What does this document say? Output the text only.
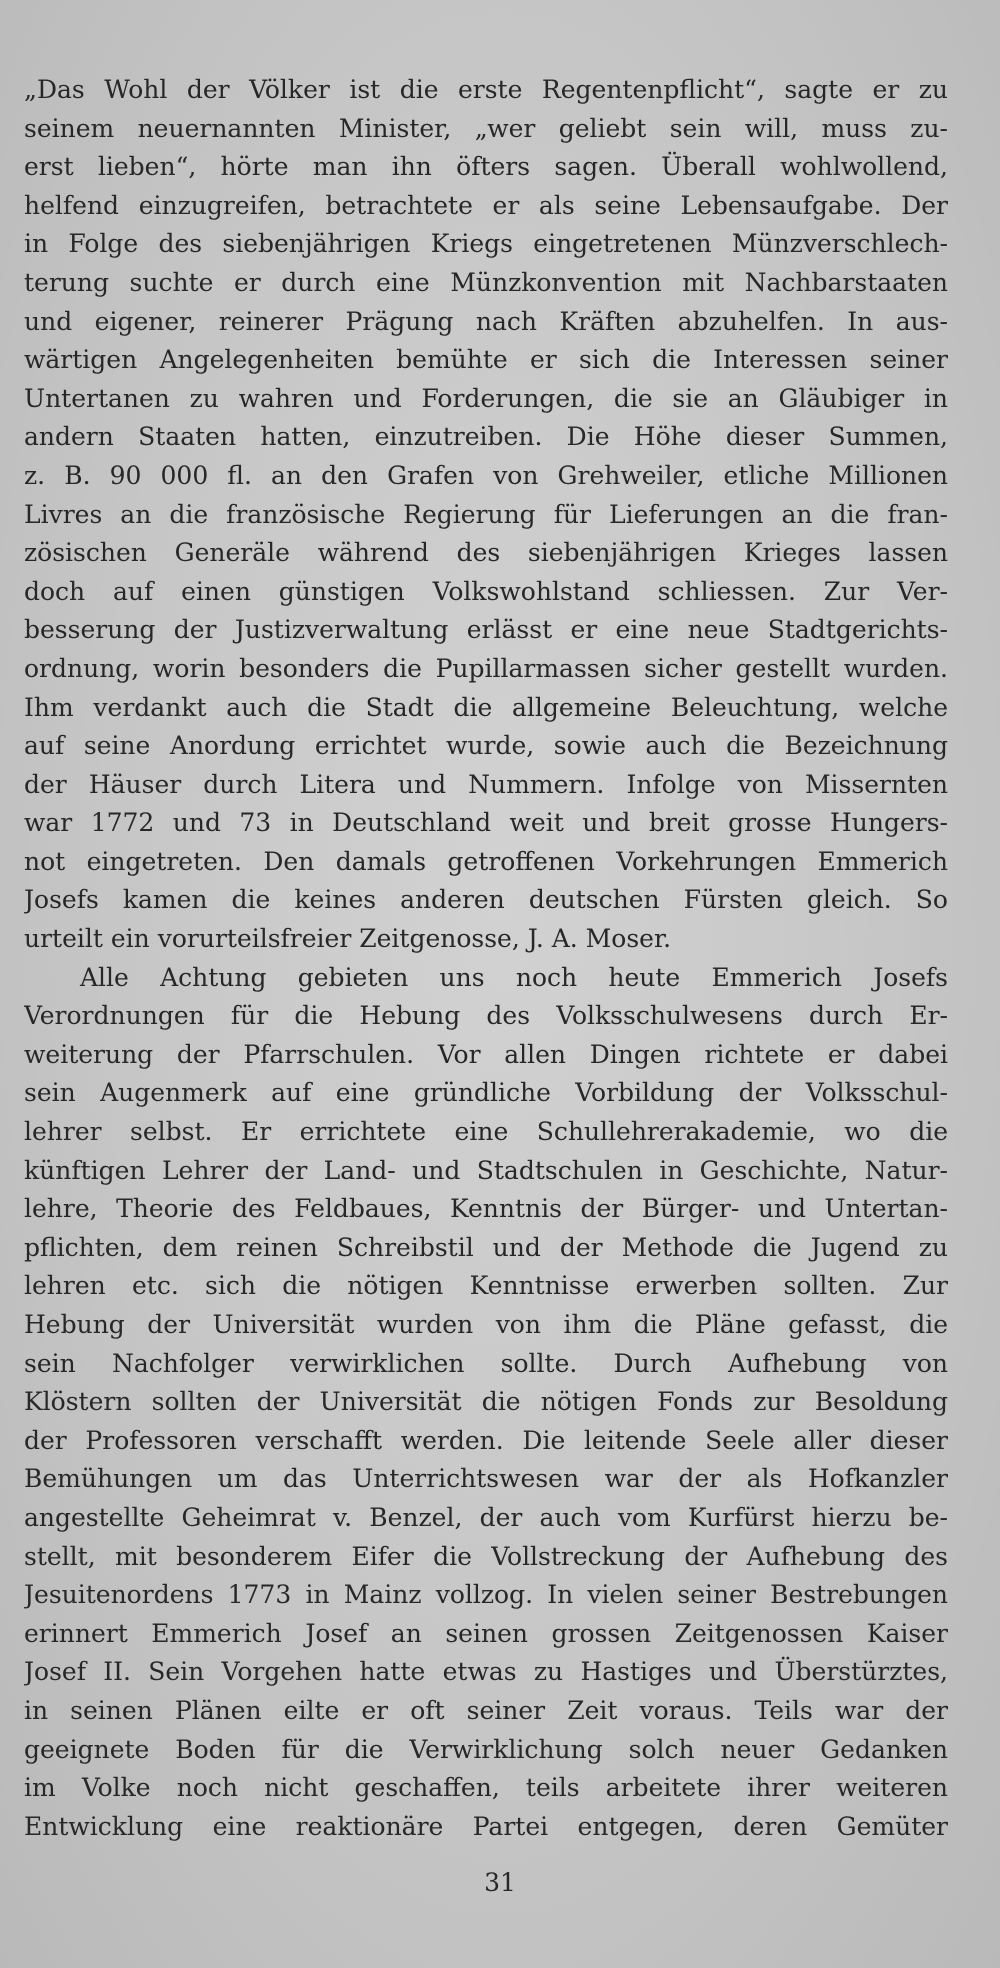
„Das Wohl der Völker ist die erste Regentenpflicht“, sagte er zu
seinem neuernannten Minister, „wer geliebt sein will, muss zu-
erst lieben“, hörte man ihn öfters sagen. Überall wohlwollend,
helfend einzugreifen, betrachtete er als seine Lebensaufgabe. Der
in Folge des siebenjährigen Kriegs eingetretenen Münzverschlech-
terung suchte er durch eine Münzkonvention mit Nachbarstaaten
und eigener, reinerer Prägung nach Kräften abzuhelfen. In aus-
wärtigen Angelegenheiten bemühte er sich die Interessen seiner
Untertanen zu wahren und Forderungen, die sie an Gläubiger in
andern Staaten hatten, einzutreiben. Die Höhe dieser Summen,
z. B. 90 000 fl. an den Grafen von Grehweiler, etliche Millionen
Livres an die französische Regierung für Lieferungen an die fran-
zösischen Generäle während des siebenjährigen Krieges lassen
doch auf einen günstigen Volkswohlstand schliessen. Zur Ver-
besserung der Justizverwaltung erlässt er eine neue Stadtgerichts-
ordnung, worin besonders die Pupillarmassen sicher gestellt wurden.
Ihm verdankt auch die Stadt die allgemeine Beleuchtung, welche
auf seine Anordung errichtet wurde, sowie auch die Bezeichnung
der Häuser durch Litera und Nummern. Infolge von Missernten
war 1772 und 73 in Deutschland weit und breit grosse Hungers-
not eingetreten. Den damals getroffenen Vorkehrungen Emmerich
Josefs kamen die keines anderen deutschen Fürsten gleich. So
urteilt ein vorurteilsfreier Zeitgenosse, J. A. Moser.
Alle Achtung gebieten uns noch heute Emmerich Josefs
Verordnungen für die Hebung des Volksschulwesens durch Er-
weiterung der Pfarrschulen. Vor allen Dingen richtete er dabei
sein Augenmerk auf eine gründliche Vorbildung der Volksschul-
lehrer selbst. Er errichtete eine Schullehrerakademie, wo die
künftigen Lehrer der Land- und Stadtschulen in Geschichte, Natur-
lehre, Theorie des Feldbaues, Kenntnis der Bürger- und Untertan-
pflichten, dem reinen Schreibstil und der Methode die Jugend zu
lehren etc. sich die nötigen Kenntnisse erwerben sollten. Zur
Hebung der Universität wurden von ihm die Pläne gefasst, die
sein Nachfolger verwirklichen sollte. Durch Aufhebung von
Klöstern sollten der Universität die nötigen Fonds zur Besoldung
der Professoren verschafft werden. Die leitende Seele aller dieser
Bemühungen um das Unterrichtswesen war der als Hofkanzler
angestellte Geheimrat v. Benzel, der auch vom Kurfürst hierzu be-
stellt, mit besonderem Eifer die Vollstreckung der Aufhebung des
Jesuitenordens 1773 in Mainz vollzog. In vielen seiner Bestrebungen
erinnert Emmerich Josef an seinen grossen Zeitgenossen Kaiser
Josef II. Sein Vorgehen hatte etwas zu Hastiges und Überstürztes,
in seinen Plänen eilte er oft seiner Zeit voraus. Teils war der
geeignete Boden für die Verwirklichung solch neuer Gedanken
im Volke noch nicht geschaffen, teils arbeitete ihrer weiteren
Entwicklung eine reaktionäre Partei entgegen, deren Gemüter
31
